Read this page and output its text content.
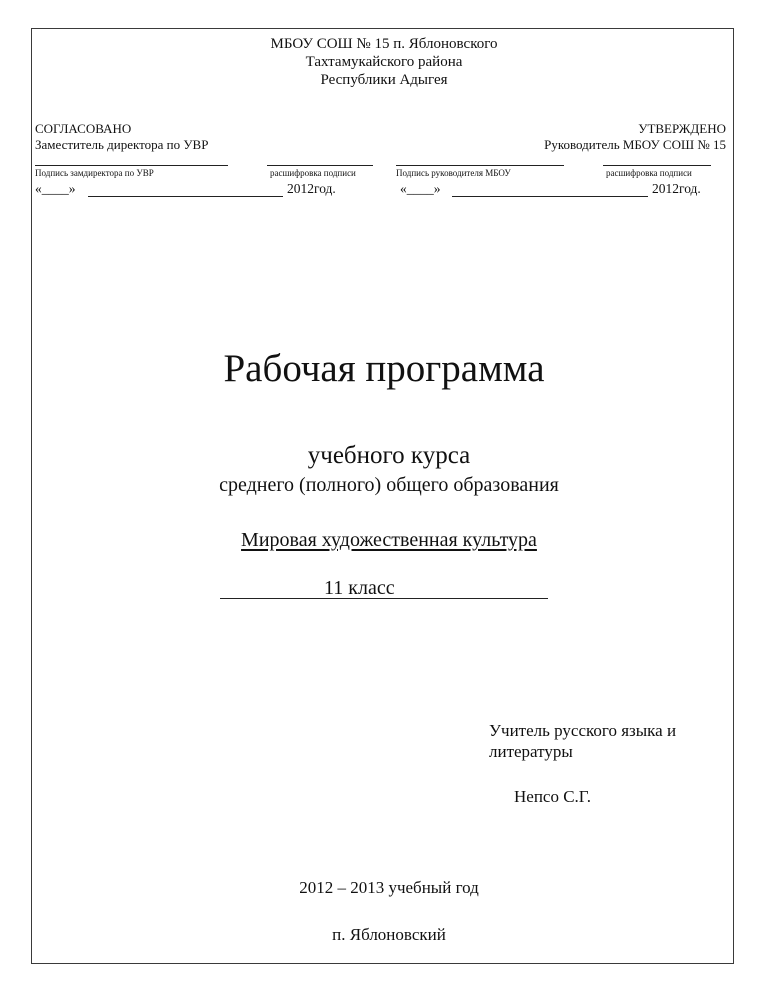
МБОУ СОШ № 15 п. Яблоновского
Тахтамукайского района
Республики Адыгея
СОГЛАСОВАНО
Заместитель директора по УВР
Подпись замдиректора по УВР	расшифровка подписи
«____»	2012год.
УТВЕРЖДЕНО
Руководитель МБОУ СОШ № 15
Подпись руководителя МБОУ	расшифровка подписи
«____»	2012год.
Рабочая программа
учебного курса
среднего (полного) общего образования
Мировая художественная культура
11 класс
Учитель русского языка и
литературы
Непсо С.Г.
2012 – 2013 учебный год
п. Яблоновский
